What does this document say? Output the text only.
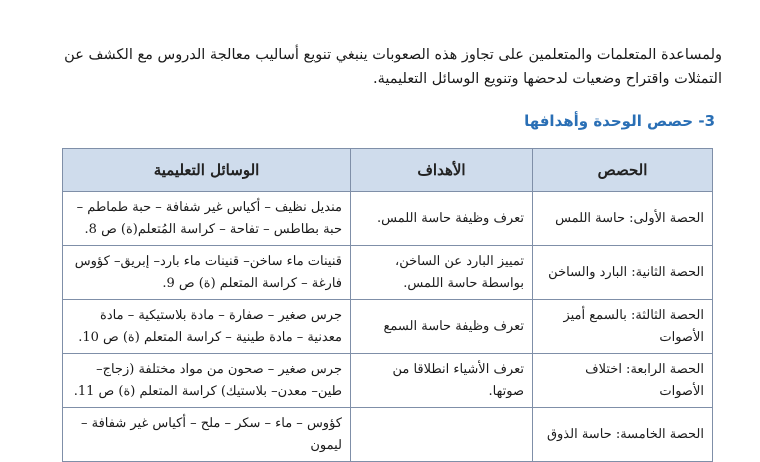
ولمساعدة المتعلمات والمتعلمين على تجاوز هذه الصعوبات ينبغي تنويع أساليب معالجة الدروس مع الكشف عن
التمثلات واقتراح وضعيات لدحضها وتنويع الوسائل التعليمية.

3- حصص الوحدة وأهدافها
الحصص	الأهداف	الوسائل التعليمية
الحصة الأولى: حاسة اللمس	تعرف وظيفة حاسة اللمس.	منديل نظيف – أكياس غير شفافة – حبة طماطم – حبة بطاطس – تفاحة – كراسة المُتعلم(ة) ص 8.
الحصة الثانية: البارد والساخن	تمييز البارد عن الساخن، بواسطة حاسة اللمس.	قنينات ماء ساخن– قنينات ماء بارد– إبريق– كؤوس فارغة – كراسة المتعلم (ة) ص 9.
الحصة الثالثة: بالسمع أميز الأصوات	تعرف وظيفة حاسة السمع	جرس صغير – صفارة – مادة بلاستيكية – مادة معدنية – مادة طينية – كراسة المتعلم (ة) ص 10.
الحصة الرابعة: اختلاف الأصوات	تعرف الأشياء انطلاقا من صوتها.	جرس صغير – صحون من مواد مختلفة (زجاج– طين– معدن– بلاستيك) كراسة المتعلم (ة) ص 11.
الحصة الخامسة: حاسة الذوق		كؤوس – ماء – سكر – ملح – أكياس غير شفافة – ليمون
